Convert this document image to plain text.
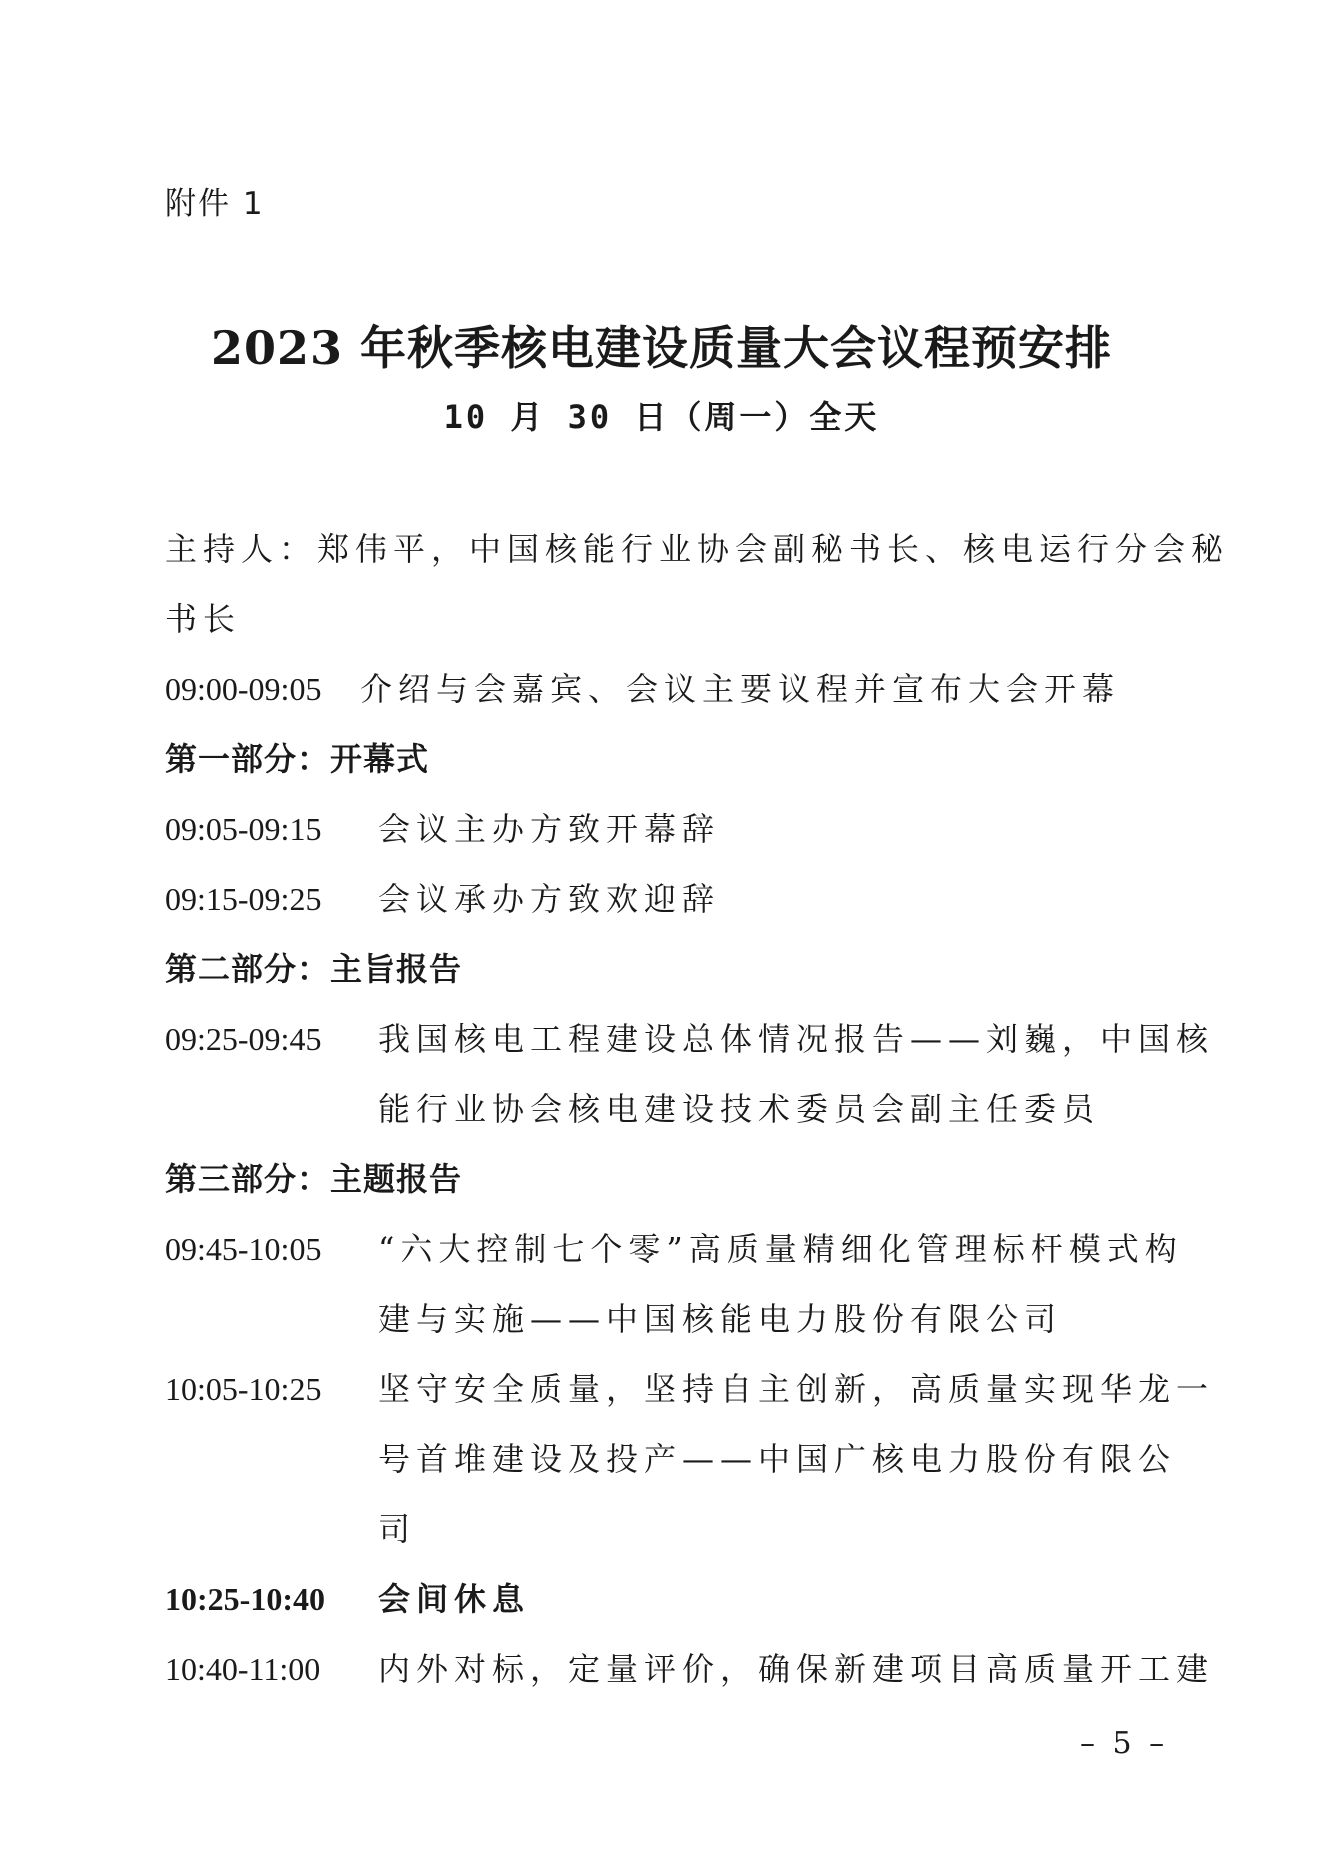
附件 1
2023 年秋季核电建设质量大会议程预安排
10 月 30 日（周一）全天
主持人：郑伟平，中国核能行业协会副秘书长、核电运行分会秘
书长
09:00-09:05	介绍与会嘉宾、会议主要议程并宣布大会开幕
第一部分：开幕式
09:05-09:15	会议主办方致开幕辞
09:15-09:25	会议承办方致欢迎辞
第二部分：主旨报告
09:25-09:45	我国核电工程建设总体情况报告——刘巍，中国核
能行业协会核电建设技术委员会副主任委员
第三部分：主题报告
09:45-10:05	“六大控制七个零”高质量精细化管理标杆模式构
建与实施——中国核能电力股份有限公司
10:05-10:25	坚守安全质量，坚持自主创新，高质量实现华龙一
号首堆建设及投产——中国广核电力股份有限公
司
10:25-10:40	会间休息
10:40-11:00	内外对标，定量评价，确保新建项目高质量开工建
– 5 –
